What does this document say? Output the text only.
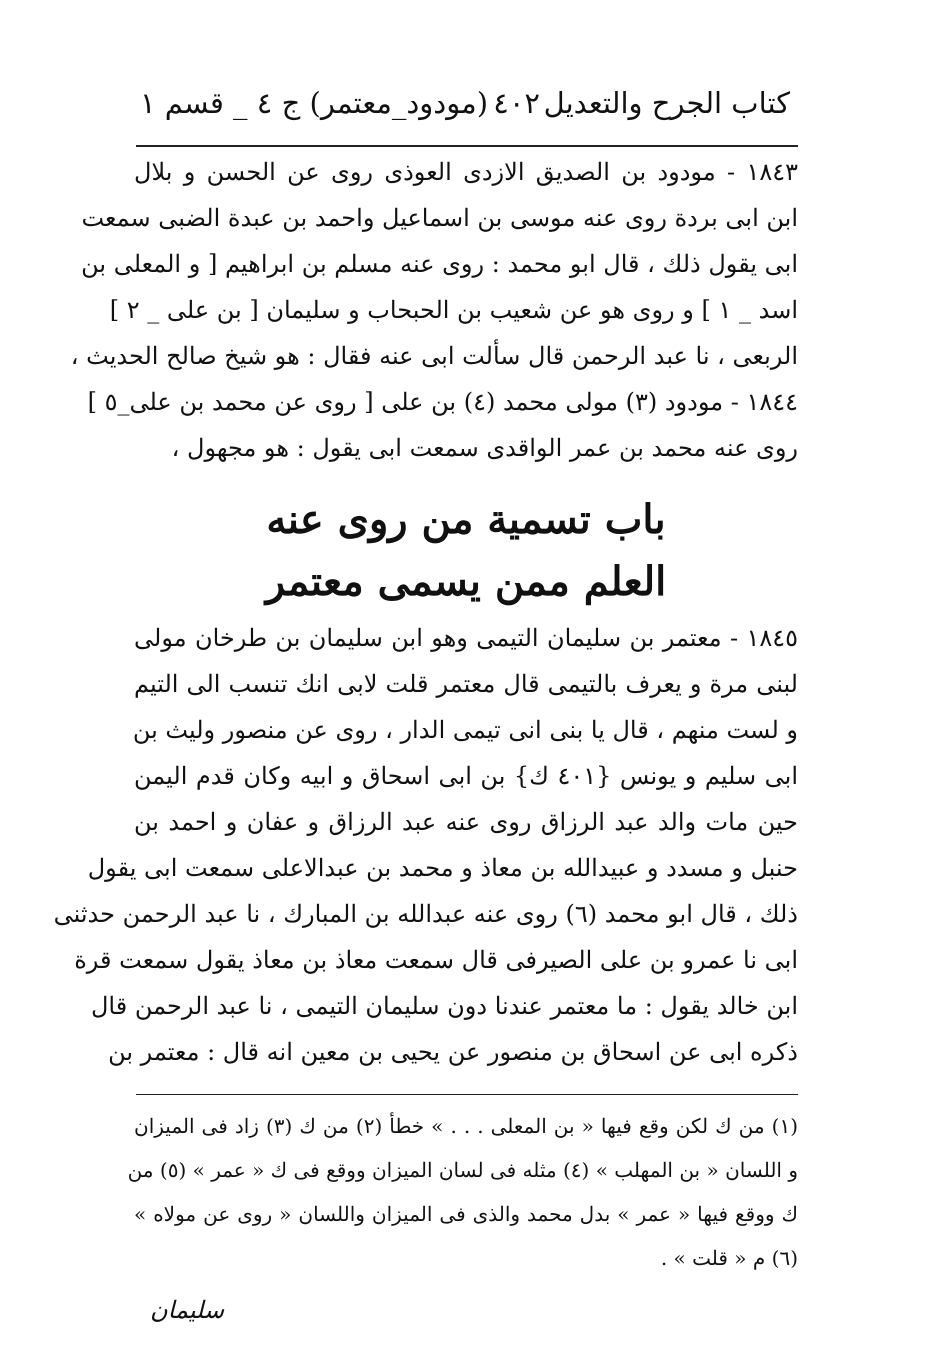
كتاب الجرح والتعديل
٤٠٢
(مودود_معتمر) ج ٤ _ قسم ١
١٨٤٣ - مودود بن الصديق الازدى العوذى روى عن الحسن و بلال
ابن ابى بردة روى عنه موسى بن اسماعيل واحمد بن عبدة الضبى سمعت
ابى يقول ذلك ، قال ابو محمد : روى عنه مسلم بن ابراهيم [ و المعلى بن
اسد _ ١ ] و روى هو عن شعيب بن الحبحاب و سليمان [ بن على _ ٢ ]
الربعى ، نا عبد الرحمن قال سألت ابى عنه فقال : هو شيخ صالح الحديث ،
١٨٤٤ - مودود (٣) مولى محمد (٤) بن على [ روى عن محمد بن على_٥ ]
روى عنه محمد بن عمر الواقدى سمعت ابى يقول : هو مجهول ،
باب تسمية من روى عنه
العلم ممن يسمى معتمر
١٨٤٥ - معتمر بن سليمان التيمى وهو ابن سليمان بن طرخان مولى
لبنى مرة و يعرف بالتيمى قال معتمر قلت لابى انك تنسب الى التيم
و لست منهم ، قال يا بنى انى تيمى الدار ، روى عن منصور وليث بن
ابى سليم و يونس {٤٠١ ك} بن ابى اسحاق و ابيه وكان قدم اليمن
حين مات والد عبد الرزاق روى عنه عبد الرزاق و عفان و احمد بن
حنبل و مسدد و عبيدالله بن معاذ و محمد بن عبدالاعلى سمعت ابى يقول
ذلك ، قال ابو محمد (٦) روى عنه عبدالله بن المبارك ، نا عبد الرحمن حدثنى
ابى نا عمرو بن على الصيرفى قال سمعت معاذ بن معاذ يقول سمعت قرة
ابن خالد يقول : ما معتمر عندنا دون سليمان التيمى ، نا عبد الرحمن قال
ذكره ابى عن اسحاق بن منصور عن يحيى بن معين انه قال : معتمر بن
(١) من ك لكن وقع فيها « بن المعلى . . . » خطأ (٢) من ك (٣) زاد فى الميزان
و اللسان « بن المهلب » (٤) مثله فى لسان الميزان ووقع فى ك « عمر » (٥) من
ك ووقع فيها « عمر » بدل محمد والذى فى الميزان واللسان « روى عن مولاه »
(٦) م « قلت » .
سليمان
